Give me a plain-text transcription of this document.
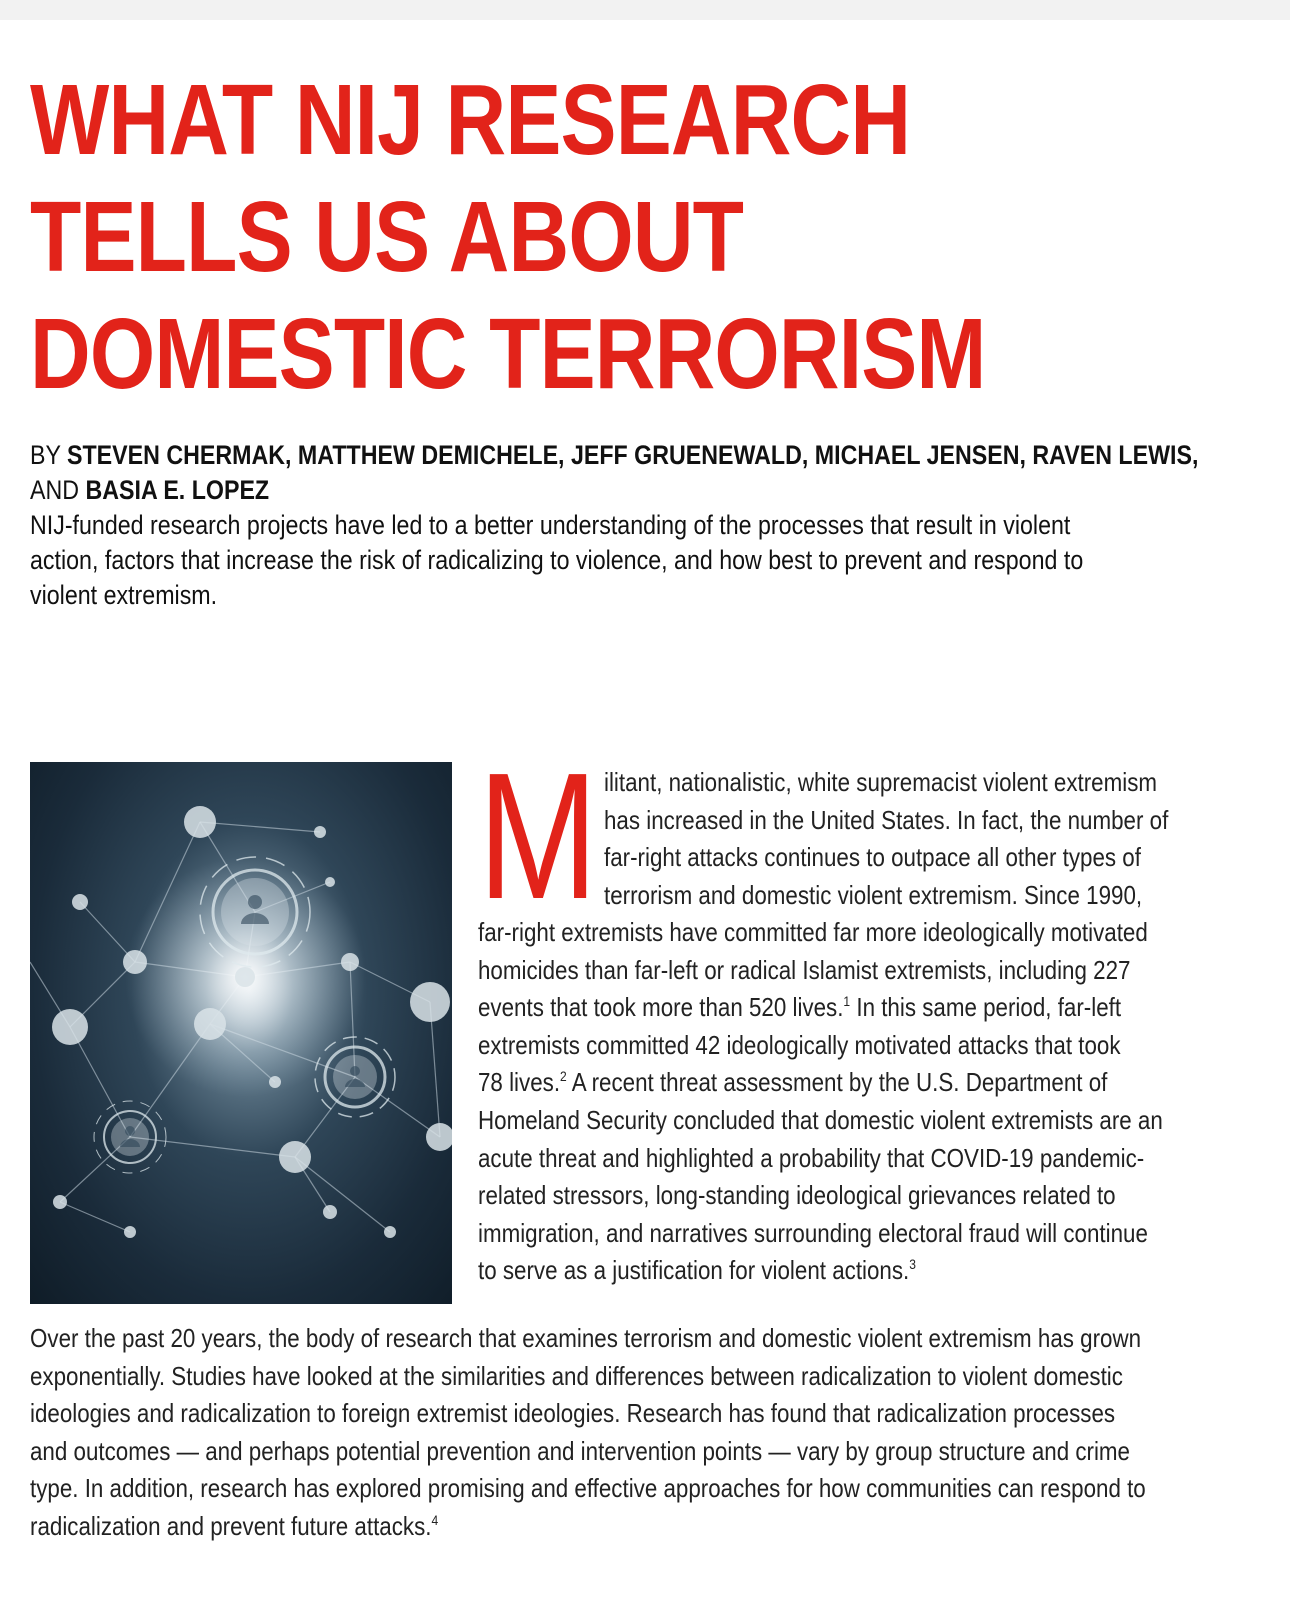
WHAT NIJ RESEARCH
TELLS US ABOUT
DOMESTIC TERRORISM
BY STEVEN CHERMAK, MATTHEW DEMICHELE, JEFF GRUENEWALD, MICHAEL JENSEN, RAVEN LEWIS,
AND BASIA E. LOPEZ
NIJ-funded research projects have led to a better understanding of the processes that result in violent
action, factors that increase the risk of radicalizing to violence, and how best to prevent and respond to
violent extremism.
M ilitant, nationalistic, white supremacist violent extremism
has increased in the United States. In fact, the number of
far-right attacks continues to outpace all other types of
terrorism and domestic violent extremism. Since 1990,
far-right extremists have committed far more ideologically motivated
homicides than far-left or radical Islamist extremists, including 227
events that took more than 520 lives.$^1$ In this same period, far-left
extremists committed 42 ideologically motivated attacks that took
78 lives.$^2$ A recent threat assessment by the U.S. Department of
Homeland Security concluded that domestic violent extremists are an
acute threat and highlighted a probability that COVID-19 pandemic-
related stressors, long-standing ideological grievances related to
immigration, and narratives surrounding electoral fraud will continue
to serve as a justification for violent actions.$^3$
Over the past 20 years, the body of research that examines terrorism and domestic violent extremism has grown
exponentially. Studies have looked at the similarities and differences between radicalization to violent domestic
ideologies and radicalization to foreign extremist ideologies. Research has found that radicalization processes
and outcomes — and perhaps potential prevention and intervention points — vary by group structure and crime
type. In addition, research has explored promising and effective approaches for how communities can respond to
radicalization and prevent future attacks.$^4$
